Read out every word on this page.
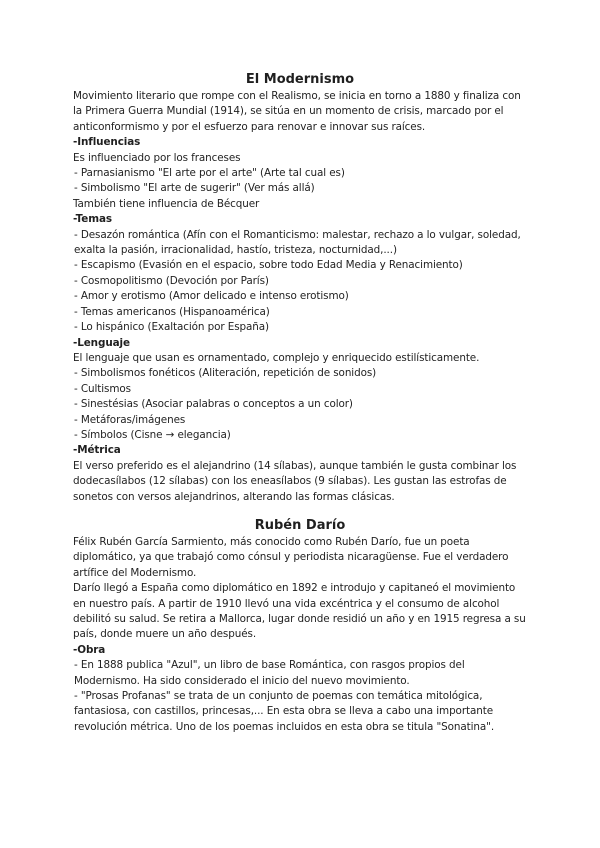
El Modernismo

Movimiento literario que rompe con el Realismo, se inicia en torno a 1880 y finaliza con la Primera Guerra Mundial (1914), se sitúa en un momento de crisis, marcado por el anticonformismo y por el esfuerzo para renovar e innovar sus raíces.

-Influencias

Es influenciado por los franceses

- Parnasianismo "El arte por el arte" (Arte tal cual es)

- Simbolismo "El arte de sugerir" (Ver más allá)

También tiene influencia de Bécquer

-Temas

- Desazón romántica (Afín con el Romanticismo: malestar, rechazo a lo vulgar, soledad, exalta la pasión, irracionalidad, hastío, tristeza, nocturnidad,...)

- Escapismo (Evasión en el espacio, sobre todo Edad Media y Renacimiento)

- Cosmopolitismo (Devoción por París)

- Amor y erotismo (Amor delicado e intenso erotismo)

- Temas americanos (Hispanoamérica)

- Lo hispánico (Exaltación por España)

-Lenguaje

El lenguaje que usan es ornamentado, complejo y enriquecido estilísticamente.

- Simbolismos fonéticos (Aliteración, repetición de sonidos)

- Cultismos

- Sinestésias (Asociar palabras o conceptos a un color)

- Metáforas/imágenes

- Símbolos (Cisne → elegancia)

-Métrica

El verso preferido es el alejandrino (14 sílabas), aunque también le gusta combinar los dodecasílabos (12 sílabas) con los eneasílabos (9 sílabas). Les gustan las estrofas de sonetos con versos alejandrinos, alterando las formas clásicas.

Rubén Darío

Félix Rubén García Sarmiento, más conocido como Rubén Darío, fue un poeta diplomático, ya que trabajó como cónsul y periodista nicaragüense. Fue el verdadero artífice del Modernismo.

Darío llegó a España como diplomático en 1892 e introdujo y capitaneó el movimiento en nuestro país. A partir de 1910 llevó una vida excéntrica y el consumo de alcohol debilitó su salud. Se retira a Mallorca, lugar donde residió un año y en 1915 regresa a su país, donde muere un año después.

-Obra

- En 1888 publica "Azul", un libro de base Romántica, con rasgos propios del Modernismo. Ha sido considerado el inicio del nuevo movimiento.

- "Prosas Profanas" se trata de un conjunto de poemas con temática mitológica, fantasiosa, con castillos, princesas,... En esta obra se lleva a cabo una importante revolución métrica. Uno de los poemas incluidos en esta obra se titula "Sonatina".
